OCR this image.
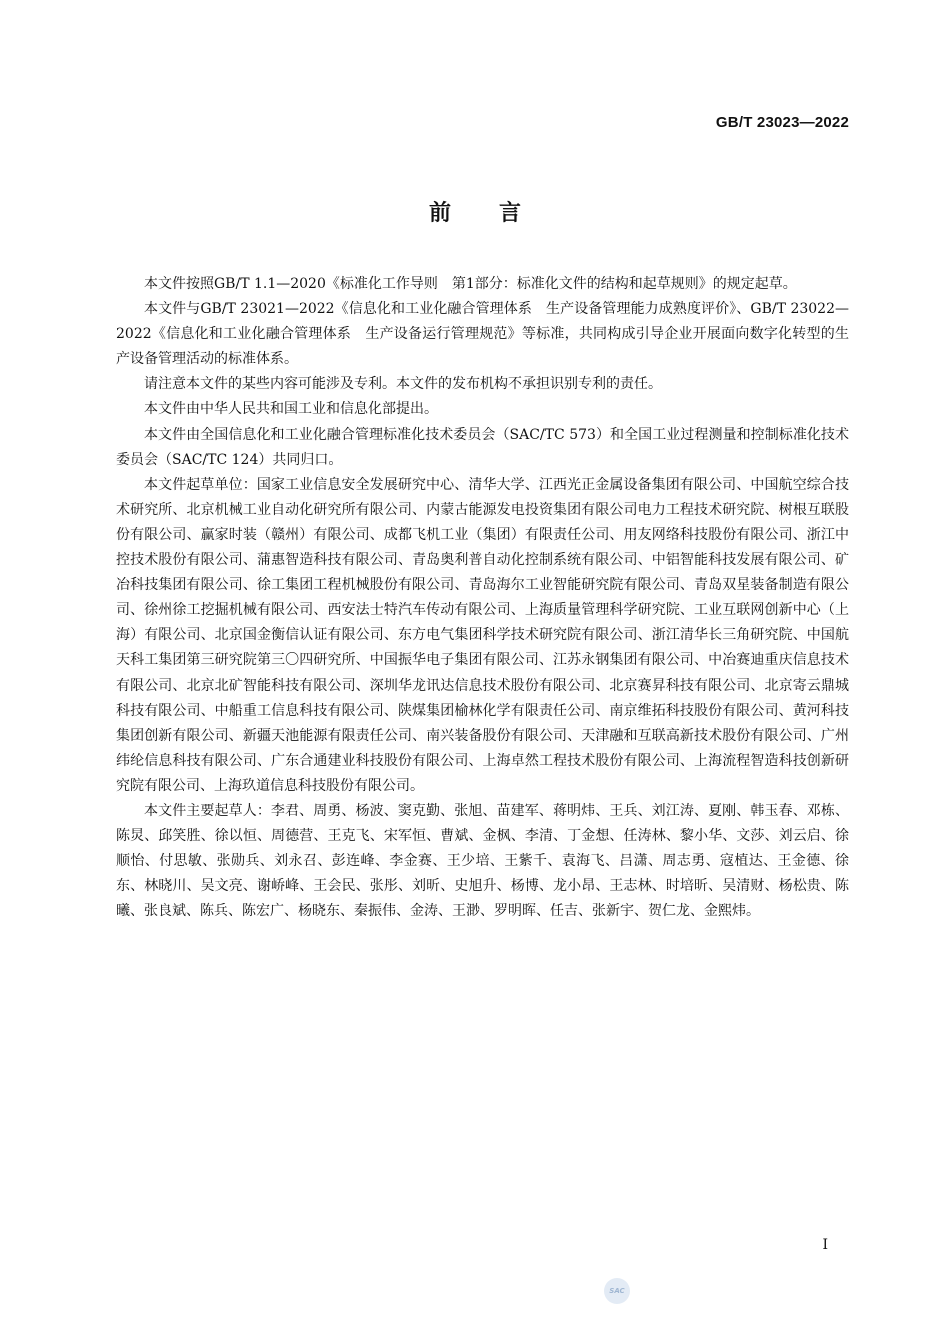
GB/T 23023—2022
前言

本文件按照GB/T 1.1—2020《标准化工作导则　第1部分：标准化文件的结构和起草规则》的规定起草。

本文件与GB/T 23021—2022《信息化和工业化融合管理体系　生产设备管理能力成熟度评价》、GB/T 23022—2022《信息化和工业化融合管理体系　生产设备运行管理规范》等标准，共同构成引导企业开展面向数字化转型的生产设备管理活动的标准体系。

请注意本文件的某些内容可能涉及专利。本文件的发布机构不承担识别专利的责任。

本文件由中华人民共和国工业和信息化部提出。

本文件由全国信息化和工业化融合管理标准化技术委员会（SAC/TC 573）和全国工业过程测量和控制标准化技术委员会（SAC/TC 124）共同归口。

本文件起草单位：国家工业信息安全发展研究中心、清华大学、江西光正金属设备集团有限公司、中国航空综合技术研究所、北京机械工业自动化研究所有限公司、内蒙古能源发电投资集团有限公司电力工程技术研究院、树根互联股份有限公司、赢家时装（赣州）有限公司、成都飞机工业（集团）有限责任公司、用友网络科技股份有限公司、浙江中控技术股份有限公司、蒲惠智造科技有限公司、青岛奥利普自动化控制系统有限公司、中铝智能科技发展有限公司、矿冶科技集团有限公司、徐工集团工程机械股份有限公司、青岛海尔工业智能研究院有限公司、青岛双星装备制造有限公司、徐州徐工挖掘机械有限公司、西安法士特汽车传动有限公司、上海质量管理科学研究院、工业互联网创新中心（上海）有限公司、北京国金衡信认证有限公司、东方电气集团科学技术研究院有限公司、浙江清华长三角研究院、中国航天科工集团第三研究院第三〇四研究所、中国振华电子集团有限公司、江苏永钢集团有限公司、中冶赛迪重庆信息技术有限公司、北京北矿智能科技有限公司、深圳华龙讯达信息技术股份有限公司、北京赛昇科技有限公司、北京寄云鼎城科技有限公司、中船重工信息科技有限公司、陕煤集团榆林化学有限责任公司、南京维拓科技股份有限公司、黄河科技集团创新有限公司、新疆天池能源有限责任公司、南兴装备股份有限公司、天津融和互联高新技术股份有限公司、广州纬纶信息科技有限公司、广东合通建业科技股份有限公司、上海卓然工程技术股份有限公司、上海流程智造科技创新研究院有限公司、上海玖道信息科技股份有限公司。

本文件主要起草人：李君、周勇、杨波、窦克勤、张旭、苗建军、蒋明炜、王兵、刘江涛、夏刚、韩玉春、邓栋、陈炅、邱笑胜、徐以恒、周德营、王克飞、宋军恒、曹斌、金枫、李清、丁金想、任涛林、黎小华、文莎、刘云启、徐顺怡、付思敏、张勋兵、刘永召、彭连峰、李金赛、王少培、王紫千、袁海飞、吕潇、周志勇、寇植达、王金德、徐东、林晓川、吴文亮、谢峤峰、王会民、张彤、刘昕、史旭升、杨博、龙小昂、王志林、时培昕、吴清财、杨松贵、陈曦、张良斌、陈兵、陈宏广、杨晓东、秦振伟、金涛、王渺、罗明晖、任吉、张新宇、贺仁龙、金熙炜。

I
SAC
